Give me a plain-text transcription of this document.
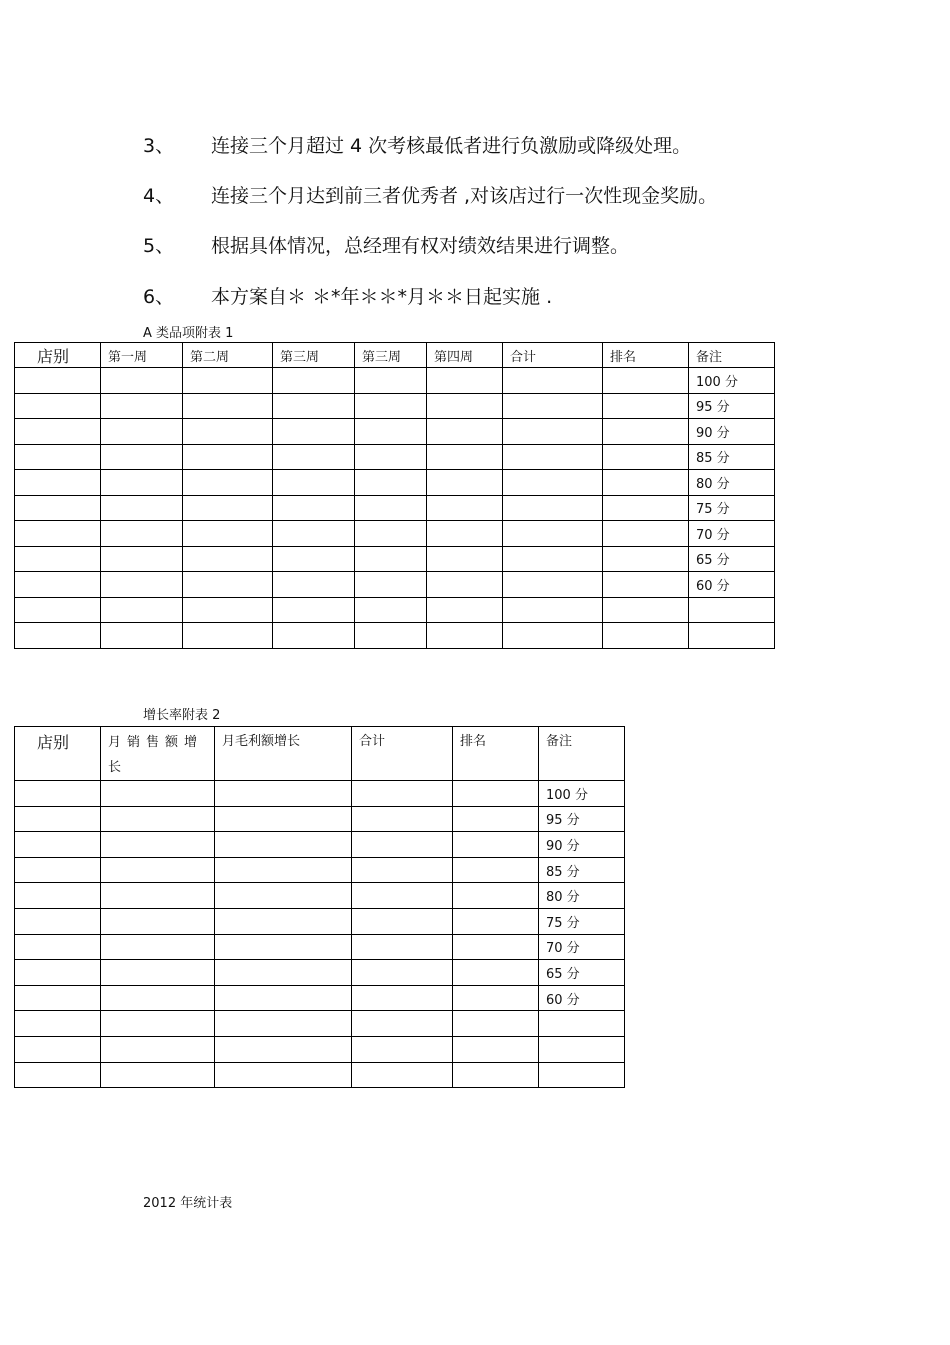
3、 连接三个月超过 4 次考核最低者进行负激励或降级处理。
4、 连接三个月达到前三者优秀者 ,对该店过行一次性现金奖励。
5、 根据具体情况，总经理有权对绩效结果进行调整。
6、 本方案自＊ ＊*年＊＊*月＊＊日起实施 .
A 类品项附表 1
店别	第一周	第二周	第三周	第三周	第四周	合计	排名	备注
								100 分
								95 分
								90 分
								85 分
								80 分
								75 分
								70 分
								65 分
								60 分

增长率附表 2
店别	月销售额增长	月毛利额增长	合计	排名	备注
					100 分
					95 分
					90 分
					85 分
					80 分
					75 分
					70 分
					65 分
					60 分

2012 年统计表
